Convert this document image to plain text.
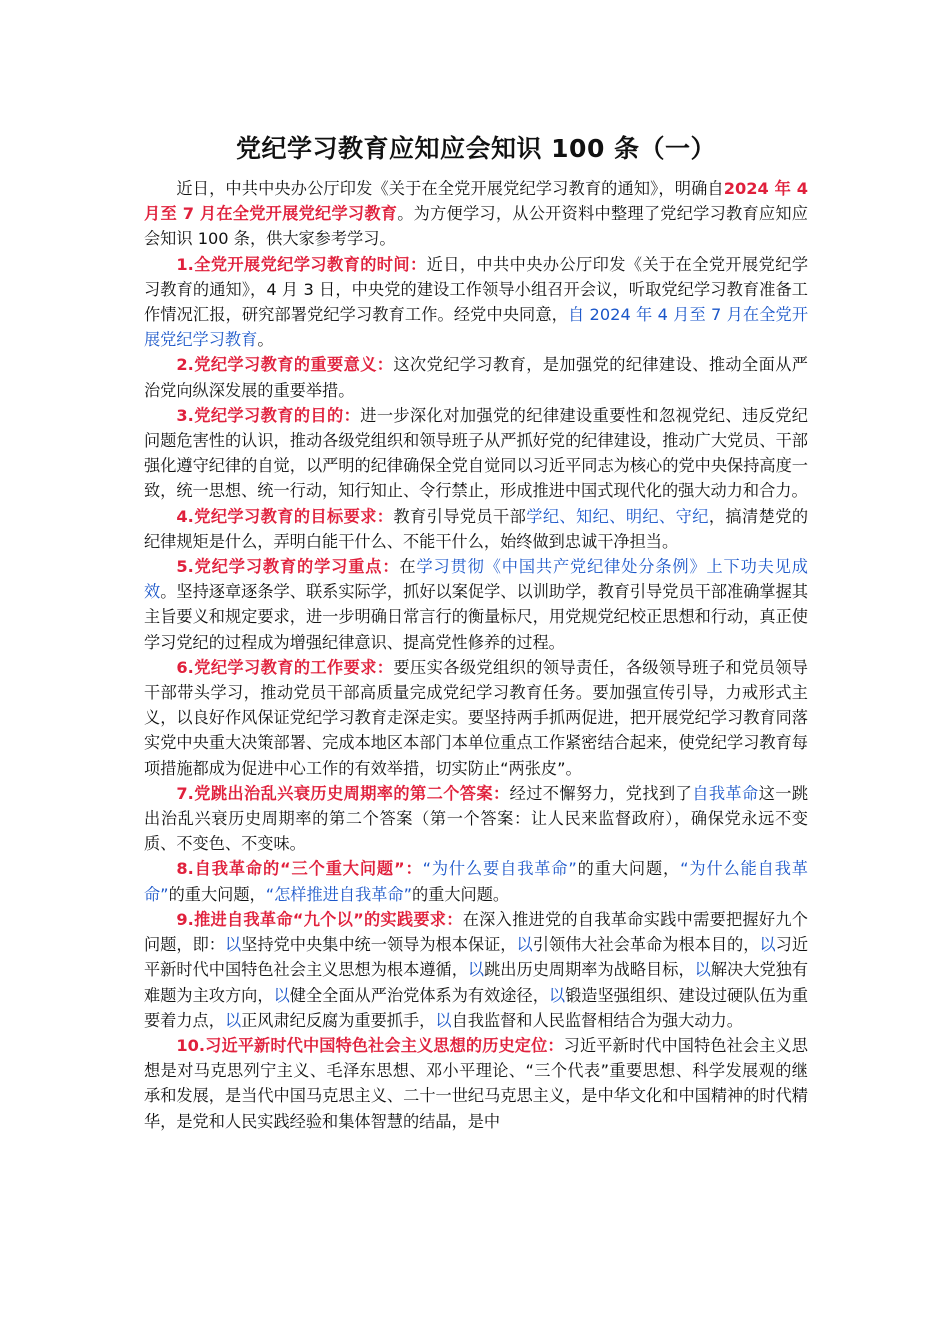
党纪学习教育应知应会知识 100 条（一）

近日，中共中央办公厅印发《关于在全党开展党纪学习教育的通知》，明确自2024 年 4 月至 7 月在全党开展党纪学习教育。为方便学习，从公开资料中整理了党纪学习教育应知应会知识 100 条，供大家参考学习。

1.全党开展党纪学习教育的时间：近日，中共中央办公厅印发《关于在全党开展党纪学习教育的通知》，4 月 3 日，中央党的建设工作领导小组召开会议，听取党纪学习教育准备工作情况汇报，研究部署党纪学习教育工作。经党中央同意，自 2024 年 4 月至 7 月在全党开展党纪学习教育。

2.党纪学习教育的重要意义：这次党纪学习教育，是加强党的纪律建设、推动全面从严治党向纵深发展的重要举措。

3.党纪学习教育的目的：进一步深化对加强党的纪律建设重要性和忽视党纪、违反党纪问题危害性的认识，推动各级党组织和领导班子从严抓好党的纪律建设，推动广大党员、干部强化遵守纪律的自觉，以严明的纪律确保全党自觉同以习近平同志为核心的党中央保持高度一致，统一思想、统一行动，知行知止、令行禁止，形成推进中国式现代化的强大动力和合力。

4.党纪学习教育的目标要求：教育引导党员干部学纪、知纪、明纪、守纪，搞清楚党的纪律规矩是什么，弄明白能干什么、不能干什么，始终做到忠诚干净担当。

5.党纪学习教育的学习重点：在学习贯彻《中国共产党纪律处分条例》上下功夫见成效。坚持逐章逐条学、联系实际学，抓好以案促学、以训助学，教育引导党员干部准确掌握其主旨要义和规定要求，进一步明确日常言行的衡量标尺，用党规党纪校正思想和行动，真正使学习党纪的过程成为增强纪律意识、提高党性修养的过程。

6.党纪学习教育的工作要求：要压实各级党组织的领导责任，各级领导班子和党员领导干部带头学习，推动党员干部高质量完成党纪学习教育任务。要加强宣传引导，力戒形式主义，以良好作风保证党纪学习教育走深走实。要坚持两手抓两促进，把开展党纪学习教育同落实党中央重大决策部署、完成本地区本部门本单位重点工作紧密结合起来，使党纪学习教育每项措施都成为促进中心工作的有效举措，切实防止“两张皮”。

7.党跳出治乱兴衰历史周期率的第二个答案：经过不懈努力，党找到了自我革命这一跳出治乱兴衰历史周期率的第二个答案（第一个答案：让人民来监督政府），确保党永远不变质、不变色、不变味。

8.自我革命的“三个重大问题”：“为什么要自我革命”的重大问题，“为什么能自我革命”的重大问题，“怎样推进自我革命”的重大问题。

9.推进自我革命“九个以”的实践要求：在深入推进党的自我革命实践中需要把握好九个问题，即：以坚持党中央集中统一领导为根本保证，以引领伟大社会革命为根本目的，以习近平新时代中国特色社会主义思想为根本遵循，以跳出历史周期率为战略目标，以解决大党独有难题为主攻方向，以健全全面从严治党体系为有效途径，以锻造坚强组织、建设过硬队伍为重要着力点，以正风肃纪反腐为重要抓手，以自我监督和人民监督相结合为强大动力。

10.习近平新时代中国特色社会主义思想的历史定位：习近平新时代中国特色社会主义思想是对马克思列宁主义、毛泽东思想、邓小平理论、“三个代表”重要思想、科学发展观的继承和发展，是当代中国马克思主义、二十一世纪马克思主义，是中华文化和中国精神的时代精华，是党和人民实践经验和集体智慧的结晶，是中
